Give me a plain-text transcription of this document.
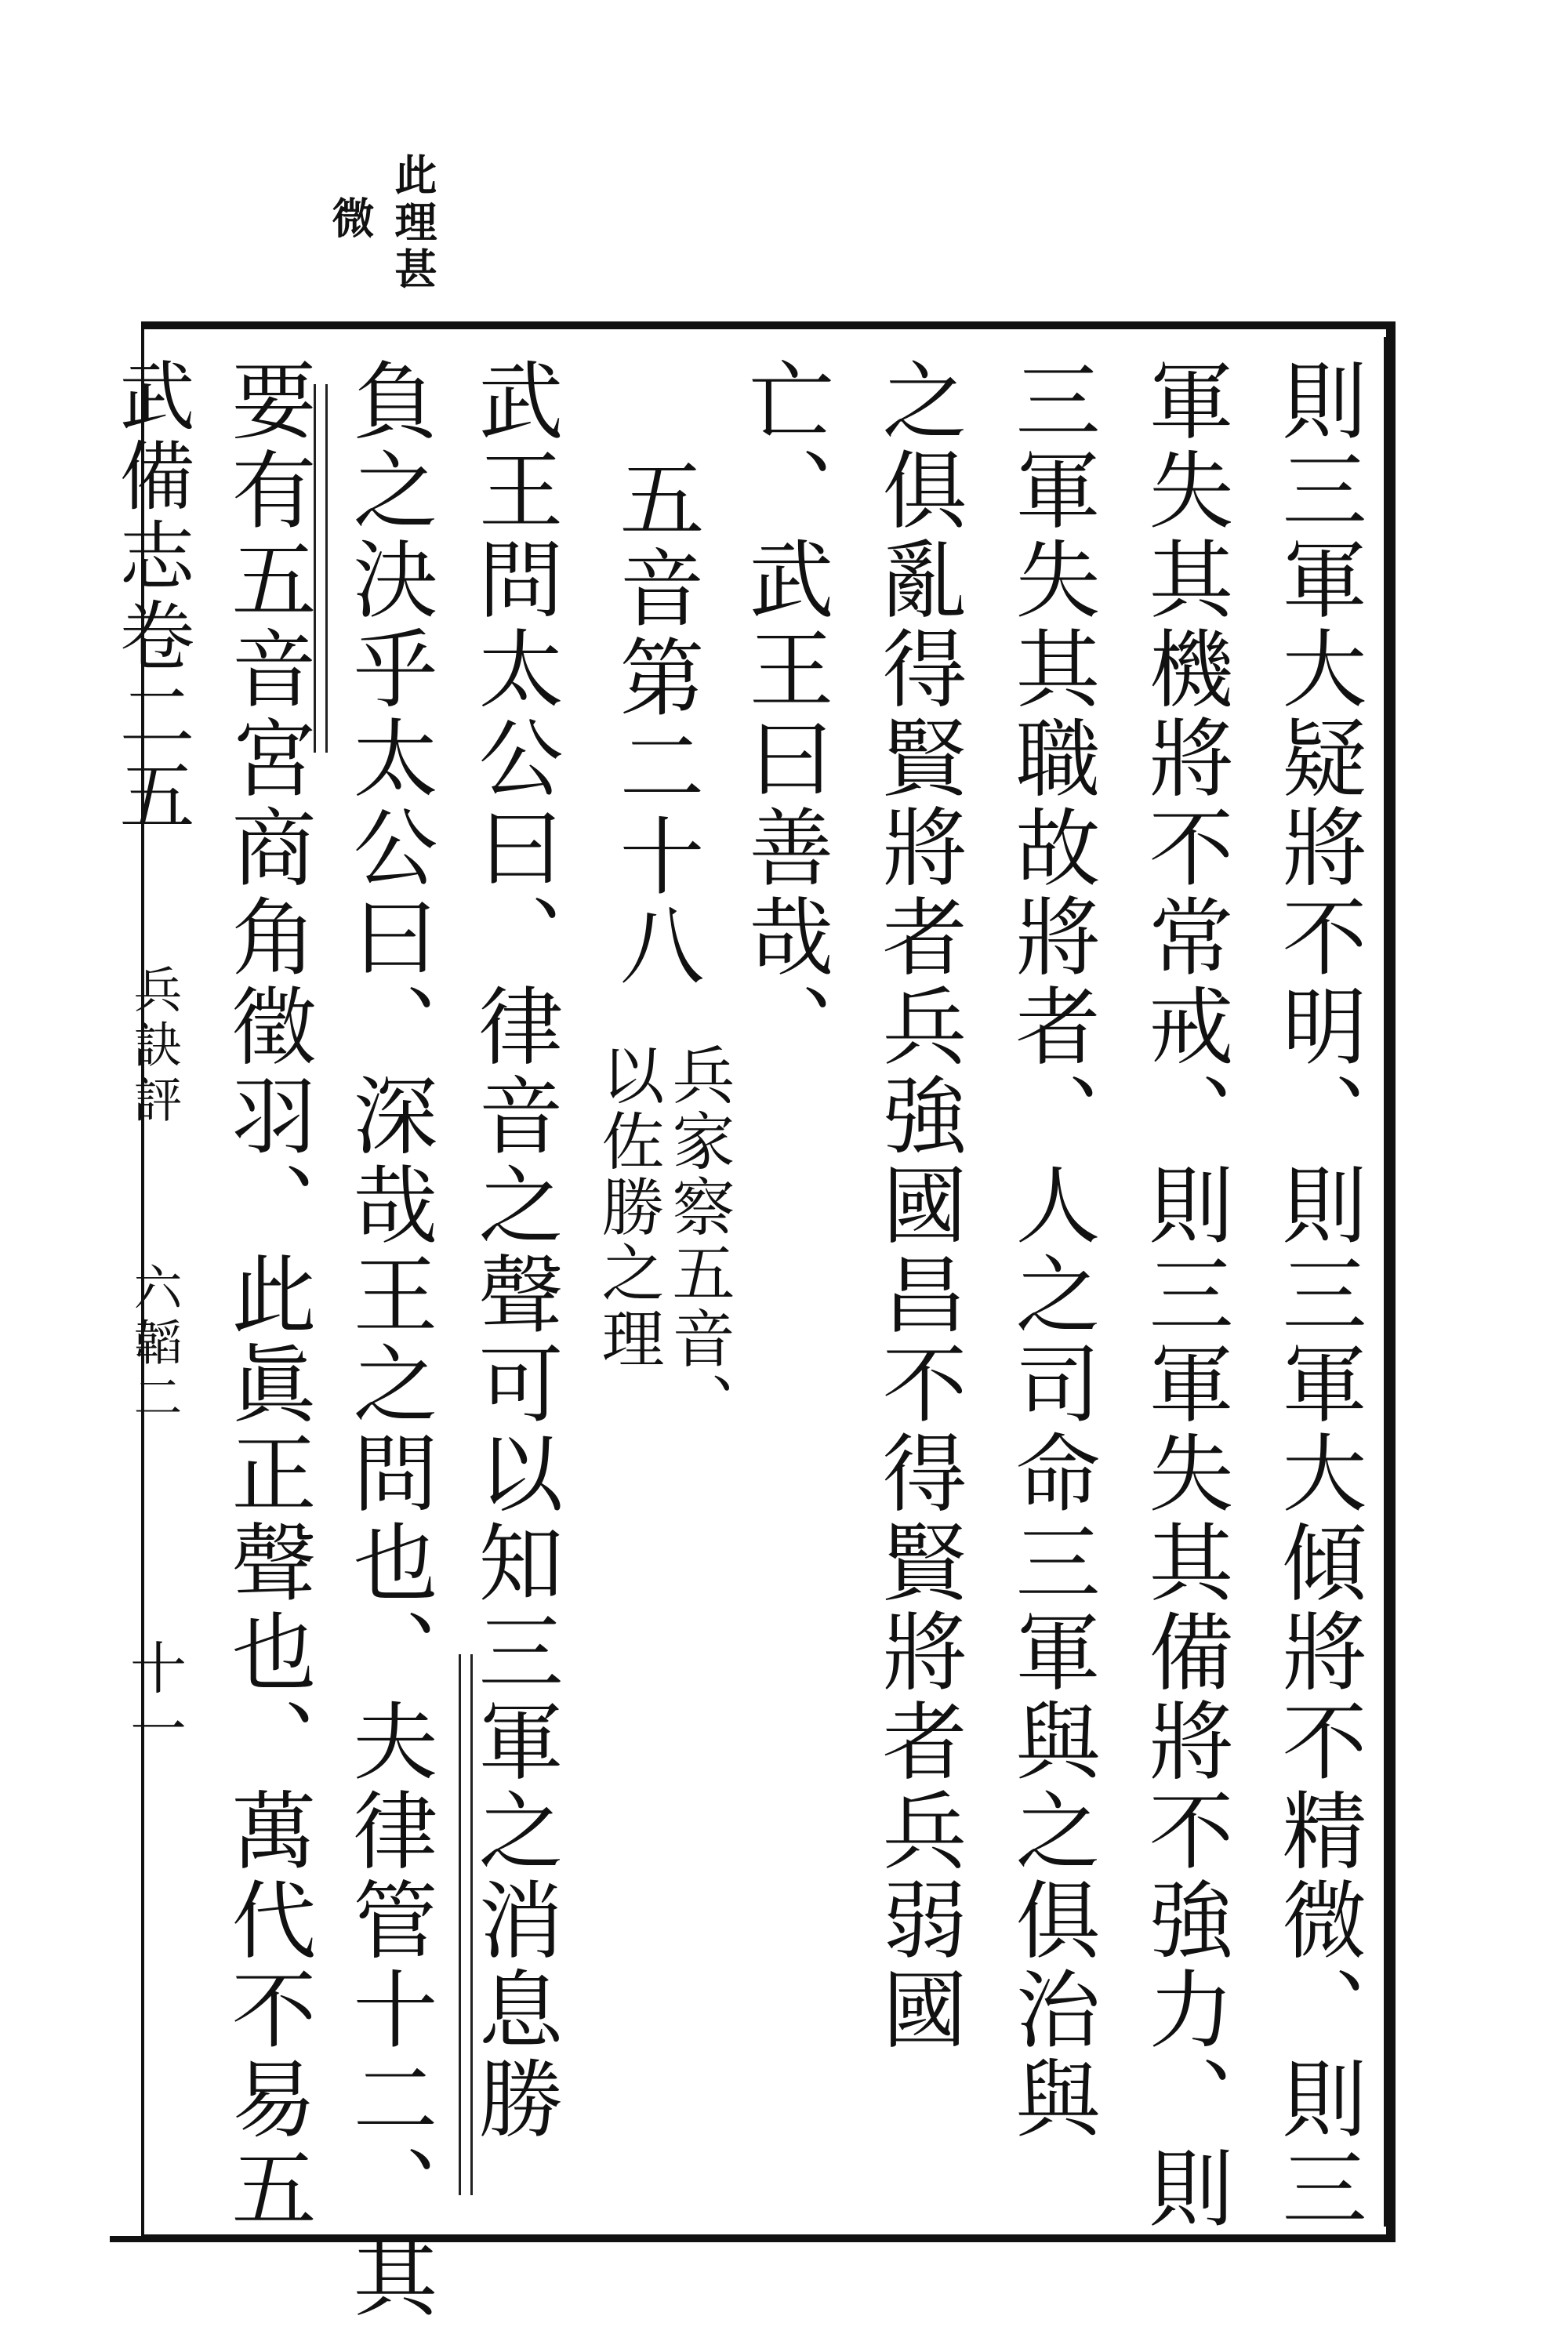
此理甚
微
則三軍大疑將不明、則三軍大傾將不精微、則三
軍失其機將不常戒、則三軍失其備將不強力、則
三軍失其職故將者、人之司命三軍與之俱治與
之俱亂得賢將者兵強國昌不得賢將者兵弱國
亡、武王曰善哉、
五音第二十八
兵家察五音、
以佐勝之理
武王問太公曰、律音之聲可以知三軍之消息勝
負之決乎太公曰、深哉王之問也、夫律管十二、其
要有五音宮商角徵羽、此眞正聲也、萬代不易五
武備志卷二五
兵訣評
六韜二
十一
